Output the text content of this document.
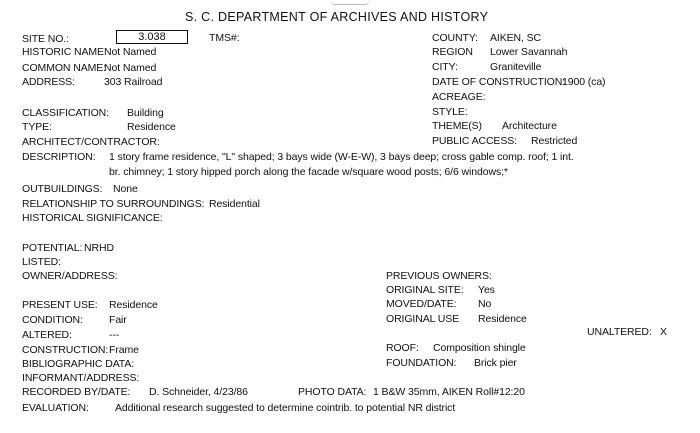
S. C. DEPARTMENT OF ARCHIVES AND HISTORY
SITE NO.:	3.038	TMS#:
HISTORIC NAME Not Named
COMMON NAME:
Not Named
ADDRESS:	303 Railroad
CLASSIFICATION: Building
TYPE:	Residence
ARCHITECT/CONTRACTOR:
DESCRIPTION: 1 story frame residence, "L" shaped; 3 bays wide (W-E-W), 3 bays deep; cross gable comp. roof; 1 int.
br. chimney; 1 story hipped porch along the facade w/square wood posts; 6/6 windows;*
OUTBUILDINGS: None
RELATIONSHIP TO SURROUNDINGS: Residential
HISTORICAL SIGNIFICANCE:
POTENTIAL: NRHD
LISTED:
OWNER/ADDRESS:
PRESENT USE: Residence
CONDITION: Fair
ALTERED:	---
CONSTRUCTION: Frame
BIBLIOGRAPHIC DATA:
INFORMANT/ADDRESS:
RECORDED BY/DATE: D. Schneider, 4/23/86	PHOTO DATA: 1 B&W 35mm, AIKEN Roll#12:20
EVALUATION: Additional research suggested to determine cointrib. to potential NR district
COUNTY: AIKEN, SC
REGION Lower Savannah
CITY:	Graniteville
DATE OF CONSTRUCTION:
1900 (ca)
ACREAGE:
STYLE:
THEME(S) Architecture
PUBLIC ACCESS: Restricted
PREVIOUS OWNERS:
ORIGINAL SITE: Yes
MOVED/DATE: No
ORIGINAL USE Residence
UNALTERED: X
ROOF: Composition shingle
FOUNDATION: Brick pier
